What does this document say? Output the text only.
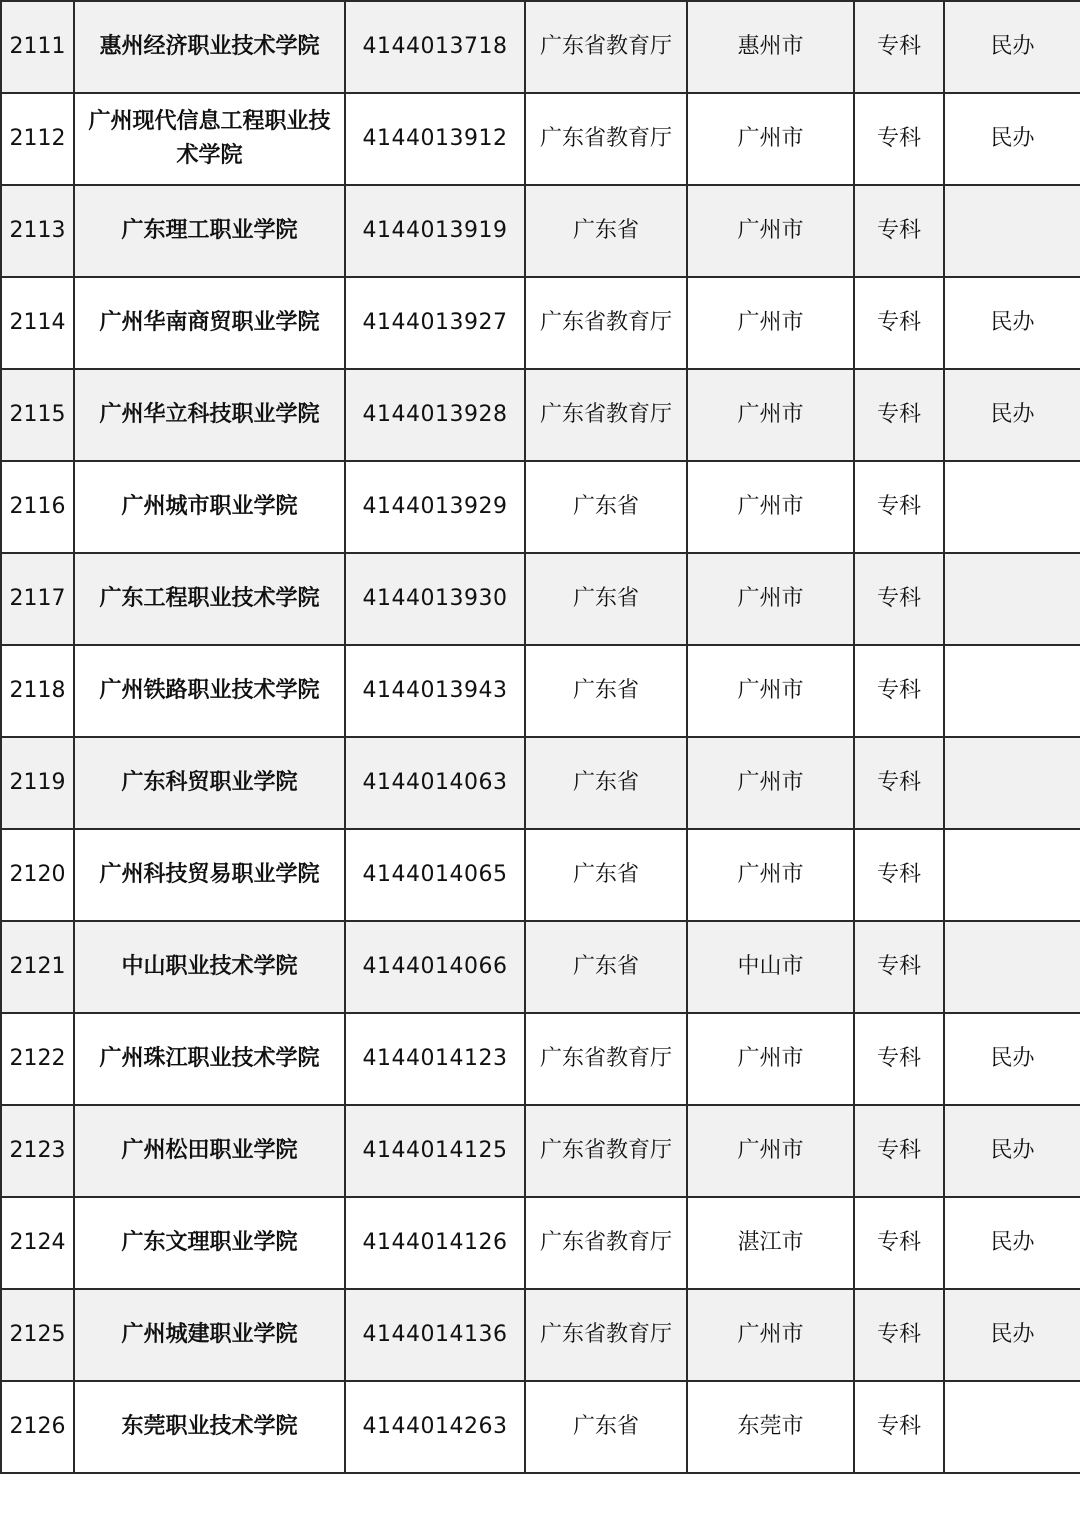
2111	惠州经济职业技术学院	4144013718	广东省教育厅	惠州市	专科	民办
2112	广州现代信息工程职业技术学院	4144013912	广东省教育厅	广州市	专科	民办
2113	广东理工职业学院	4144013919	广东省	广州市	专科	
2114	广州华南商贸职业学院	4144013927	广东省教育厅	广州市	专科	民办
2115	广州华立科技职业学院	4144013928	广东省教育厅	广州市	专科	民办
2116	广州城市职业学院	4144013929	广东省	广州市	专科	
2117	广东工程职业技术学院	4144013930	广东省	广州市	专科	
2118	广州铁路职业技术学院	4144013943	广东省	广州市	专科	
2119	广东科贸职业学院	4144014063	广东省	广州市	专科	
2120	广州科技贸易职业学院	4144014065	广东省	广州市	专科	
2121	中山职业技术学院	4144014066	广东省	中山市	专科	
2122	广州珠江职业技术学院	4144014123	广东省教育厅	广州市	专科	民办
2123	广州松田职业学院	4144014125	广东省教育厅	广州市	专科	民办
2124	广东文理职业学院	4144014126	广东省教育厅	湛江市	专科	民办
2125	广州城建职业学院	4144014136	广东省教育厅	广州市	专科	民办
2126	东莞职业技术学院	4144014263	广东省	东莞市	专科	
